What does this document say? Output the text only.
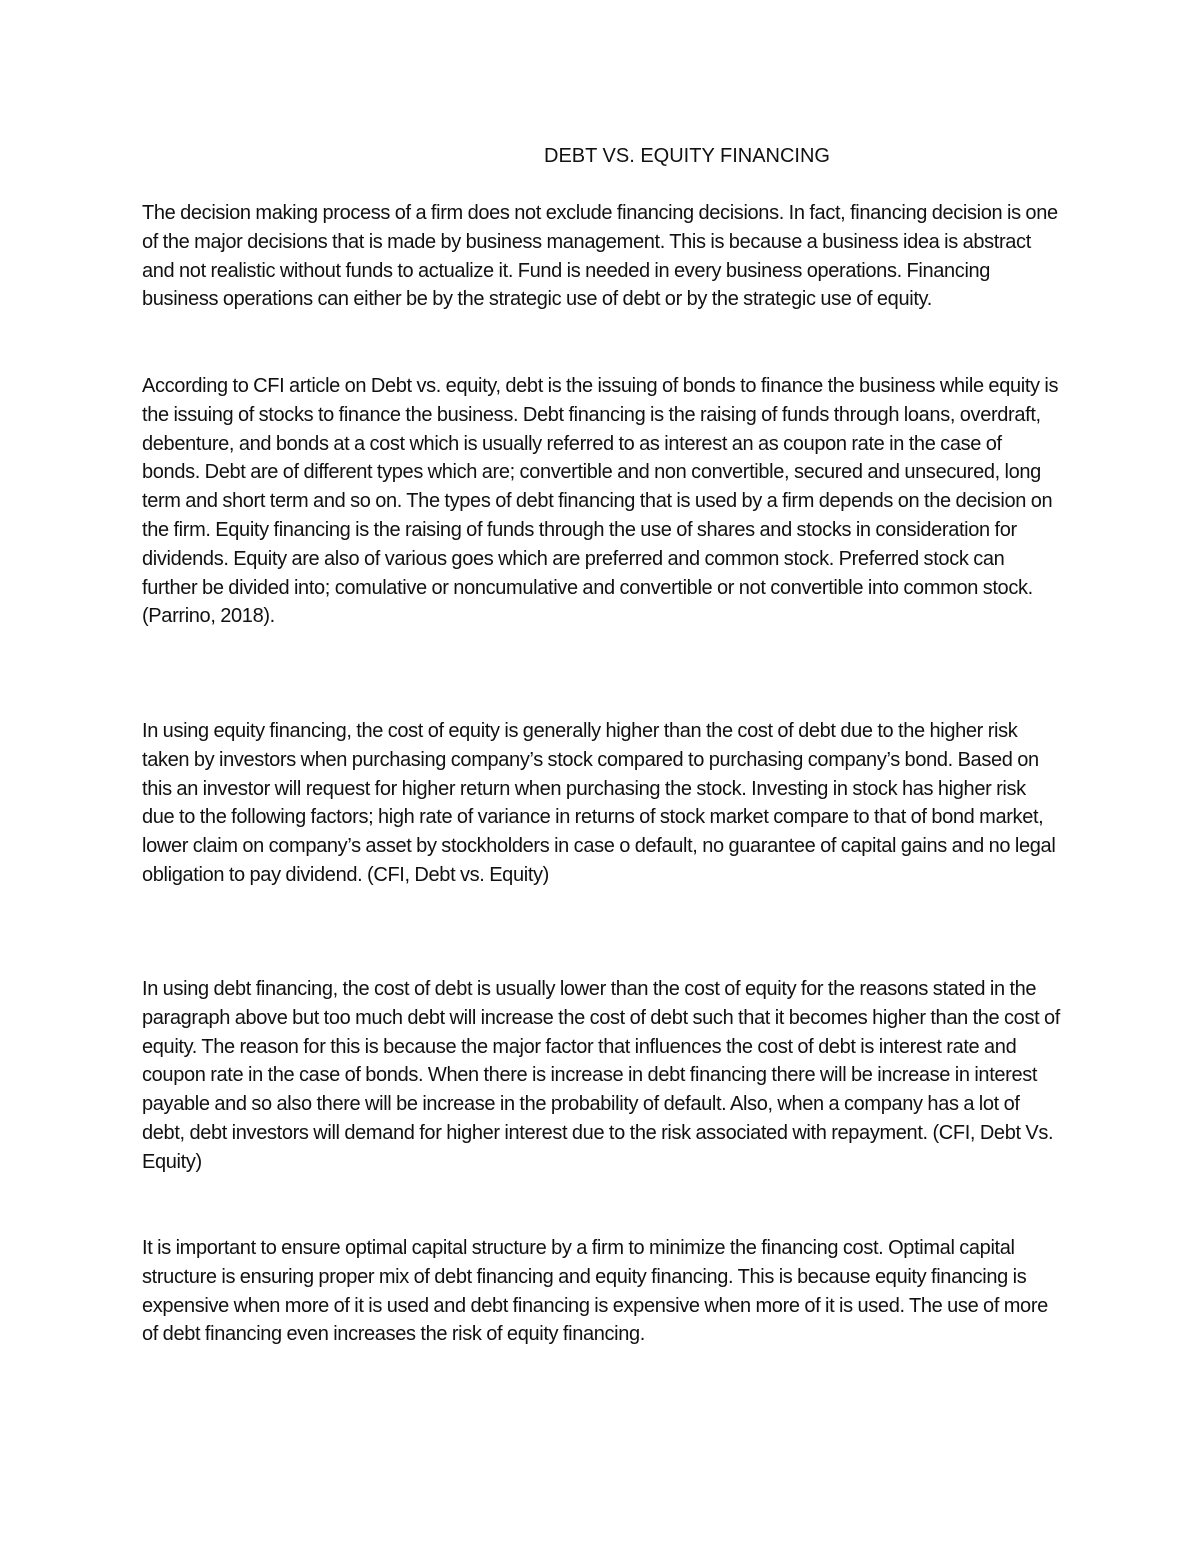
DEBT VS. EQUITY FINANCING

The decision making process of a firm does not exclude financing decisions. In fact, financing decision is one of the major decisions that is made by business management. This is because a business idea is abstract and not realistic without funds to actualize it. Fund is needed in every business operations. Financing business operations can either be by the strategic use of debt or by the strategic use of equity.

According to CFI article on Debt vs. equity, debt is the issuing of bonds to finance the business while equity is the issuing of stocks to finance the business. Debt financing is the raising of funds through loans, overdraft, debenture, and bonds at a cost which is usually referred to as interest an as coupon rate in the case of bonds. Debt are of different types which are; convertible and non convertible, secured and unsecured, long term and short term and so on. The types of debt financing that is used by a firm depends on the decision on the firm. Equity financing is the raising of funds through the use of shares and stocks in consideration for dividends. Equity are also of various goes which are preferred and common stock. Preferred stock can further be divided into; comulative or noncumulative and convertible or not convertible into common stock. (Parrino, 2018).

In using equity financing, the cost of equity is generally higher than the cost of debt due to the higher risk taken by investors when purchasing company’s stock compared to purchasing company’s bond. Based on this an investor will request for higher return when purchasing the stock. Investing in stock has higher risk due to the following factors; high rate of variance in returns of stock market compare to that of bond market, lower claim on company’s asset by stockholders in case o default, no guarantee of capital gains and no legal obligation to pay dividend. (CFI, Debt vs. Equity)

In using debt financing, the cost of debt is usually lower than the cost of equity for the reasons stated in the paragraph above but too much debt will increase the cost of debt such that it becomes higher than the cost of equity. The reason for this is because the major factor that influences the cost of debt is interest rate and coupon rate in the case of bonds. When there is increase in debt financing there will be increase in interest payable and so also there will be increase in the probability of default. Also, when a company has a lot of debt, debt investors will demand for higher interest due to the risk associated with repayment. (CFI, Debt Vs. Equity)

It is important to ensure optimal capital structure by a firm to minimize the financing cost. Optimal capital structure is ensuring proper mix of debt financing and equity financing. This is because equity financing is expensive when more of it is used and debt financing is expensive when more of it is used. The use of more of debt financing even increases the risk of equity financing.
